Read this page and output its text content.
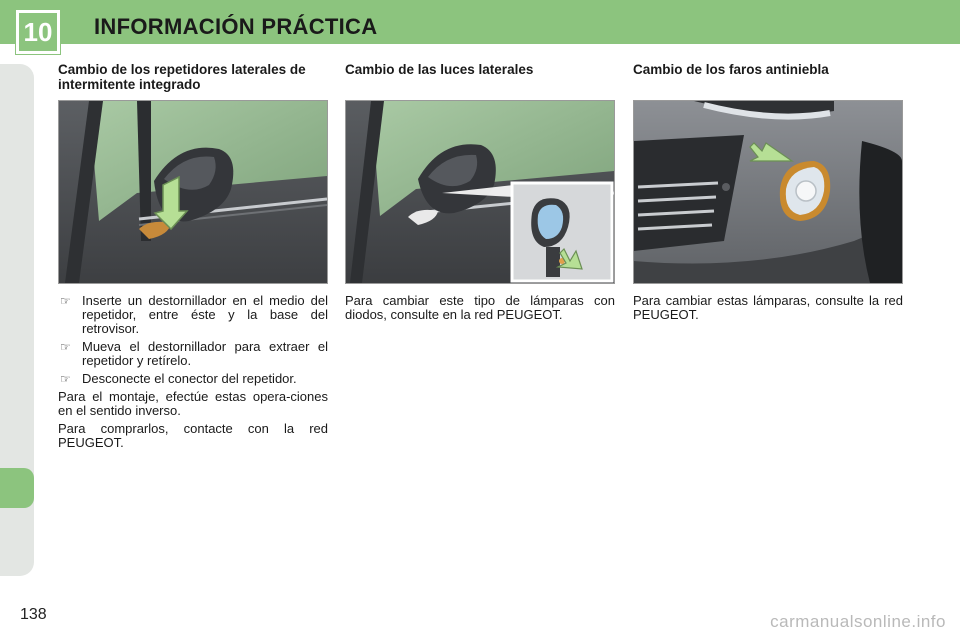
10 INFORMACIÓN PRÁCTICA
Cambio de los repetidores laterales de intermitente integrado

☞ Inserte un destornillador en el medio del repetidor, entre éste y la base del retrovisor.

☞ Mueva el destornillador para extraer el repetidor y retírelo.

☞ Desconecte el conector del repetidor.

Para el montaje, efectúe estas opera-ciones en el sentido inverso.

Para comprarlos, contacte con la red PEUGEOT.

Cambio de las luces laterales

Para cambiar este tipo de lámparas con diodos, consulte en la red PEUGEOT.

Cambio de los faros antiniebla

Para cambiar estas lámparas, consulte la red PEUGEOT.

138	carmanualsonline.info
